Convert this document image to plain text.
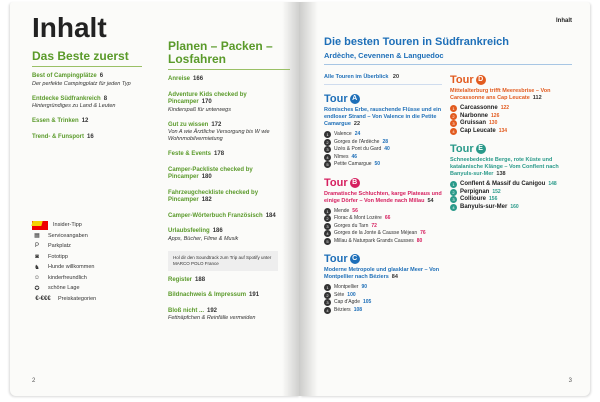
Inhalt
Das Beste zuerst
Best of Campingplätze 6
Der perfekte Campingplatz für jeden Typ
Entdecke Südfrankreich 8
Hintergründiges zu Land & Leuten
Essen & Trinken 12
Trend- & Funsport 16
Planen – Packen – Losfahren
Anreise 166
Adventure Kids checked by Pincamper 170
Kinderspaß für unterwegs
Gut zu wissen 172
Von A wie Ärztliche Versorgung bis W wie Wohnmobilvermietung
Feste & Events 178
Camper-Packliste checked by Pincamper 180
Fahrzeugcheckliste checked by Pincamper 182
Camper-Wörterbuch Französisch 184
Urlaubsfeeling 186
Apps, Bücher, Filme & Musik
Hol dir den Soundtrack zum Trip auf Spotify unter MARCO POLO France
Register 188
Bildnachweis & Impressum 191
Bloß nicht ... 192
Fettnäpfchen & Reinfälle vermeiden
Insider-Tipp
▦	Serviceangaben
P	Parkplatz
◙	Fototipp
♞	Hunde willkommen
☺	kinderfreundlich
✪	schöne Lage
€-€€€	Preiskategorien
2
Inhalt
Die besten Touren in Südfrankreich
Ardèche, Cevennen & Languedoc
Alle Touren im Überblick 20
Tour A
Römisches Erbe, rauschende Flüsse und ein endloser Strand – Von Valence in die Petite Camargue 22
1	Valence 24
2	Gorges de l'Ardèche 28
3	Uzès & Pont du Gard 40
4	Nîmes 46
5	Petite Camargue 50
Tour B
Dramatische Schluchten, karge Plateaus und einige Dörfer – Von Mende nach Millau 54
1	Mende 56
2	Florac & Mont Lozère 66
3	Gorges du Tarn 72
4	Gorges de la Jonte & Causse Méjean 76
5	Millau & Naturpark Grands Causses 80
Tour C
Moderne Metropole und glasklar Meer – Von Montpellier nach Béziers 84
1	Montpellier 90
2	Sète 100
3	Cap d'Agde 105
4	Béziers 108
Tour D
Mittelalterburg trifft Meeresbrise – Von Carcassonne ans Cap Leucate 112
1 Carcassonne 122
2 Narbonne 126
3 Gruissan 130
4 Cap Leucate 134
Tour E
Schneebedeckte Berge, rote Küste und katalanische Klänge – Vom Conflent nach Banyuls-sur-Mer 138
1 Conflent & Massif du Canigou 148
2 Perpignan 152
3 Collioure 156
4 Banyuls-sur-Mer 160
3
